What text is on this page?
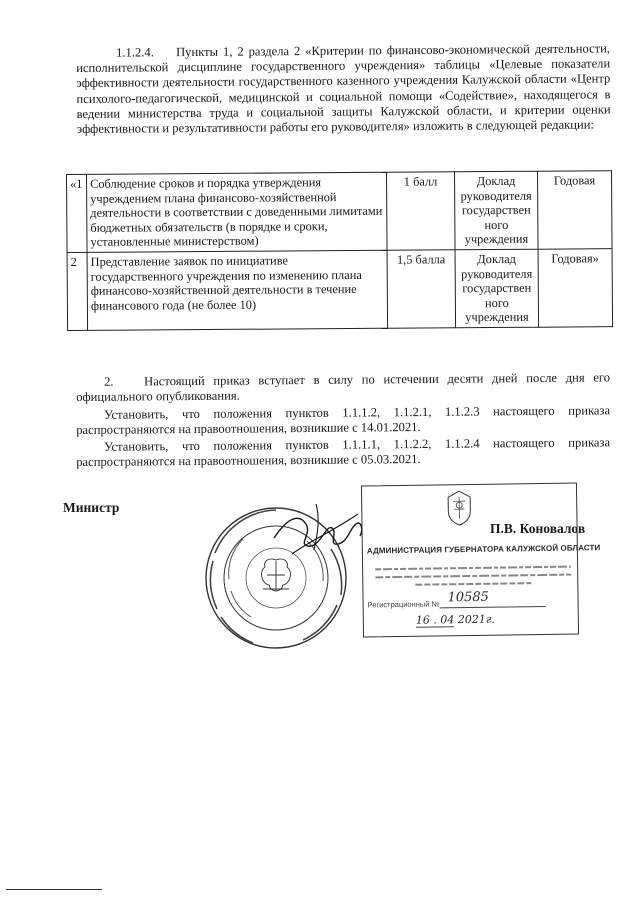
1.1.2.4. Пункты 1, 2 раздела 2 «Критерии по финансово-экономической деятельности, исполнительской дисциплине государственного учреждения» таблицы «Целевые показатели эффективности деятельности государственного казенного учреждения Калужской области «Центр психолого-педагогической, медицинской и социальной помощи «Содействие», находящегося в ведении министерства труда и социальной защиты Калужской области, и критерии оценки эффективности и результативности работы его руководителя» изложить в следующей редакции:

«1	Соблюдение сроков и порядка утверждения учреждением плана финансово-хозяйственной деятельности в соответствии с доведенными лимитами бюджетных обязательств (в порядке и сроки, установленные министерством)	1 балл	Доклад руководителя государствен ного учреждения	Годовая
2	Представление заявок по инициативе государственного учреждения по изменению плана финансово-хозяйственной деятельности в течение финансового года (не более 10)	1,5 балла	Доклад руководителя государствен ного учреждения	Годовая»

2. Настоящий приказ вступает в силу по истечении десяти дней после дня его официального опубликования.

Установить, что положения пунктов 1.1.1.2, 1.1.2.1, 1.1.2.3 настоящего приказа распространяются на правоотношения, возникшие с 14.01.2021.

Установить, что положения пунктов 1.1.1.1, 1.1.2.2, 1.1.2.4 настоящего приказа распространяются на правоотношения, возникшие с 05.03.2021.

Министр
П.В. Коновалов
АДМИНИСТРАЦИЯ ГУБЕРНАТОРА КАЛУЖСКОЙ ОБЛАСТИ
Регистрационный № 10585
16 . 04 2021г.
